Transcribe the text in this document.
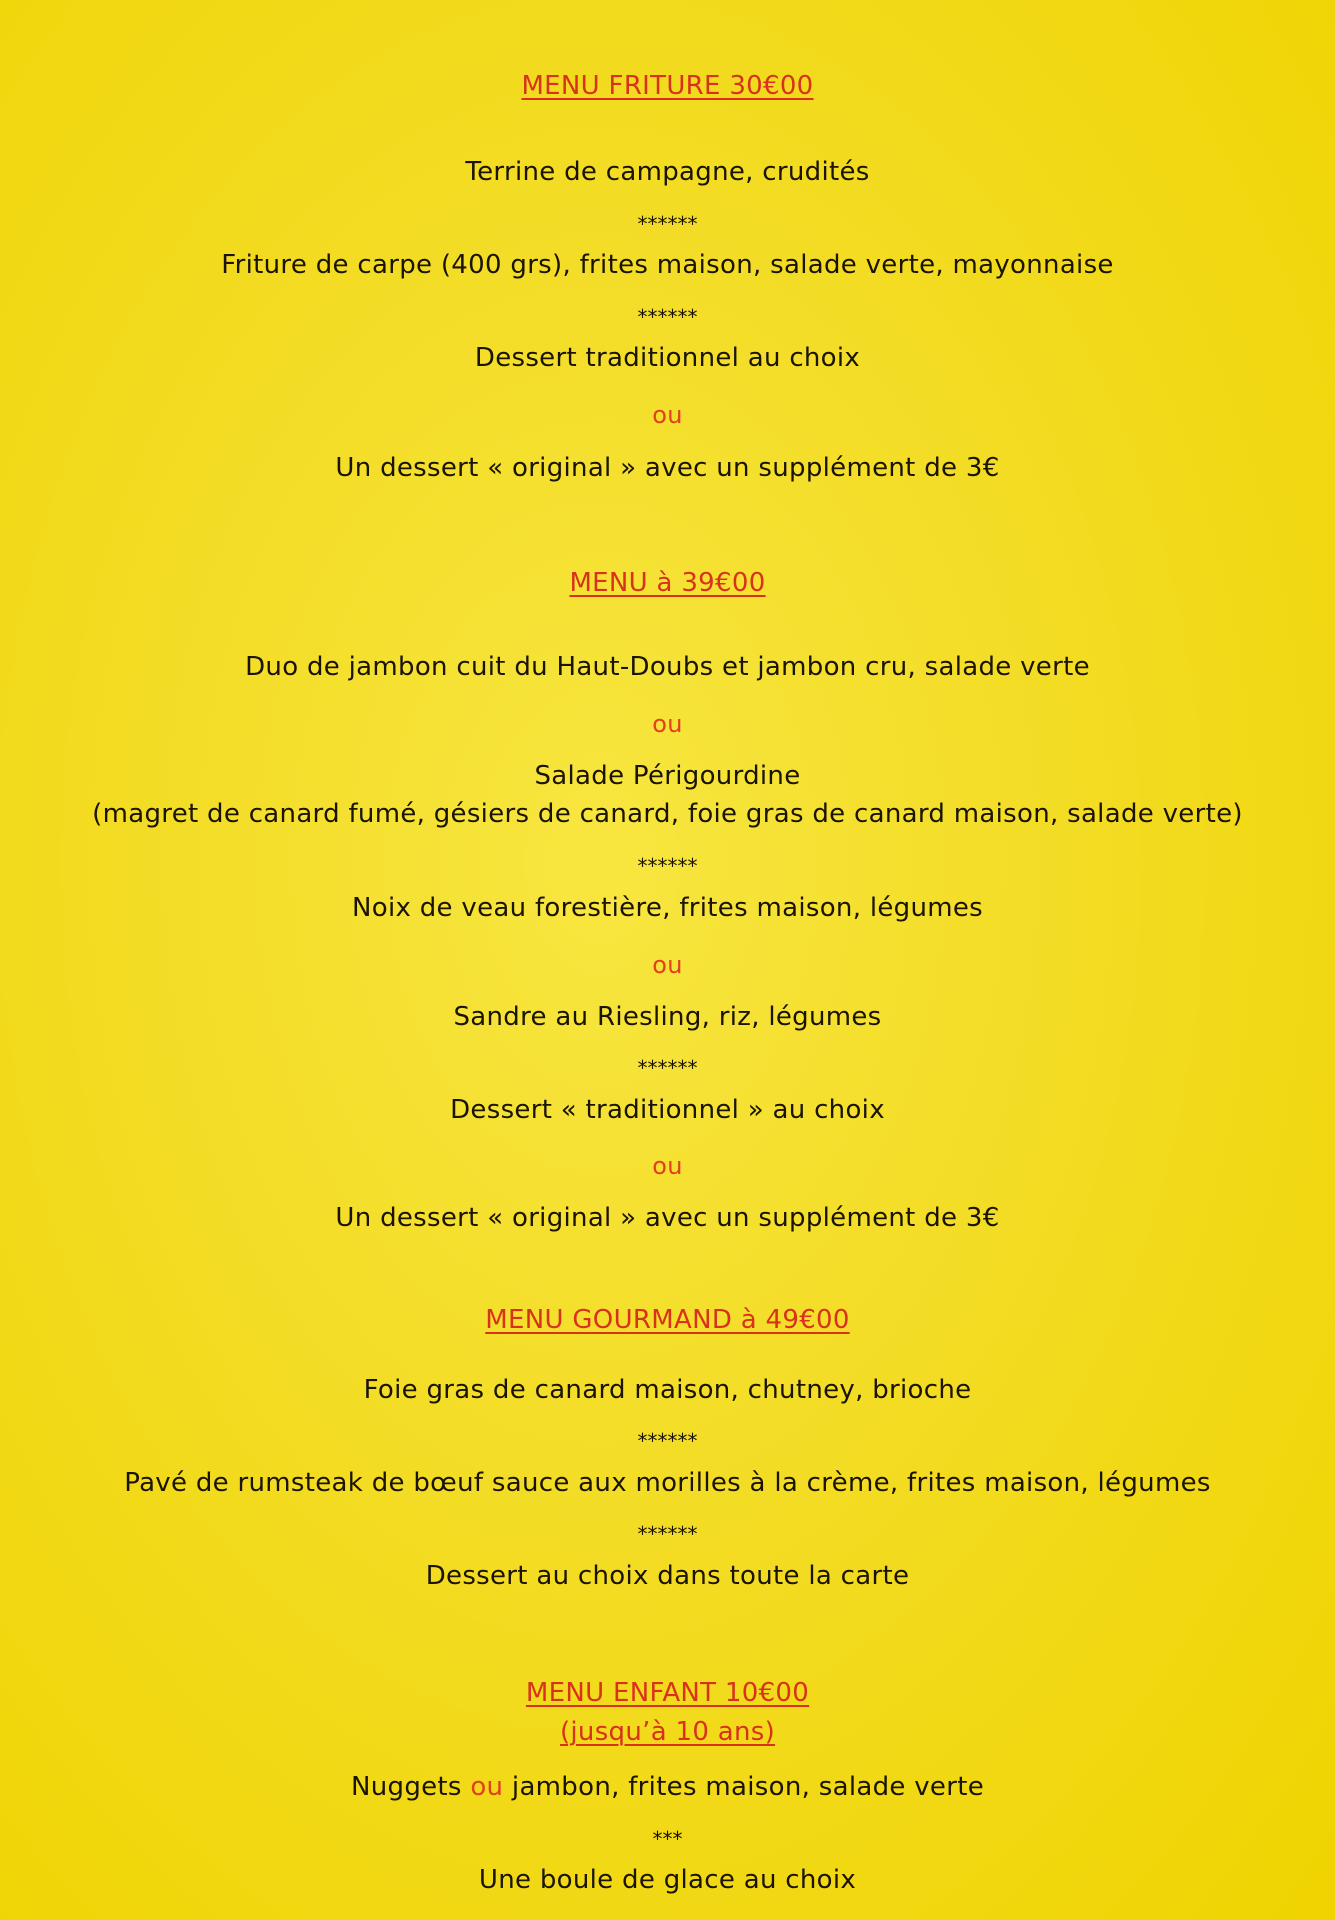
MENU FRITURE 30€00
Terrine de campagne, crudités
******
Friture de carpe (400 grs), frites maison, salade verte, mayonnaise
******
Dessert traditionnel au choix
ou
Un dessert « original » avec un supplément de 3€
MENU à 39€00
Duo de jambon cuit du Haut-Doubs et jambon cru, salade verte
ou
Salade Périgourdine
(magret de canard fumé, gésiers de canard, foie gras de canard maison, salade verte)
******
Noix de veau forestière, frites maison, légumes
ou
Sandre au Riesling, riz, légumes
******
Dessert « traditionnel » au choix
ou
Un dessert « original » avec un supplément de 3€
MENU GOURMAND à 49€00
Foie gras de canard maison, chutney, brioche
******
Pavé de rumsteak de bœuf sauce aux morilles à la crème, frites maison, légumes
******
Dessert au choix dans toute la carte
MENU ENFANT 10€00
(jusqu’à 10 ans)
Nuggets ou jambon, frites maison, salade verte
***
Une boule de glace au choix
